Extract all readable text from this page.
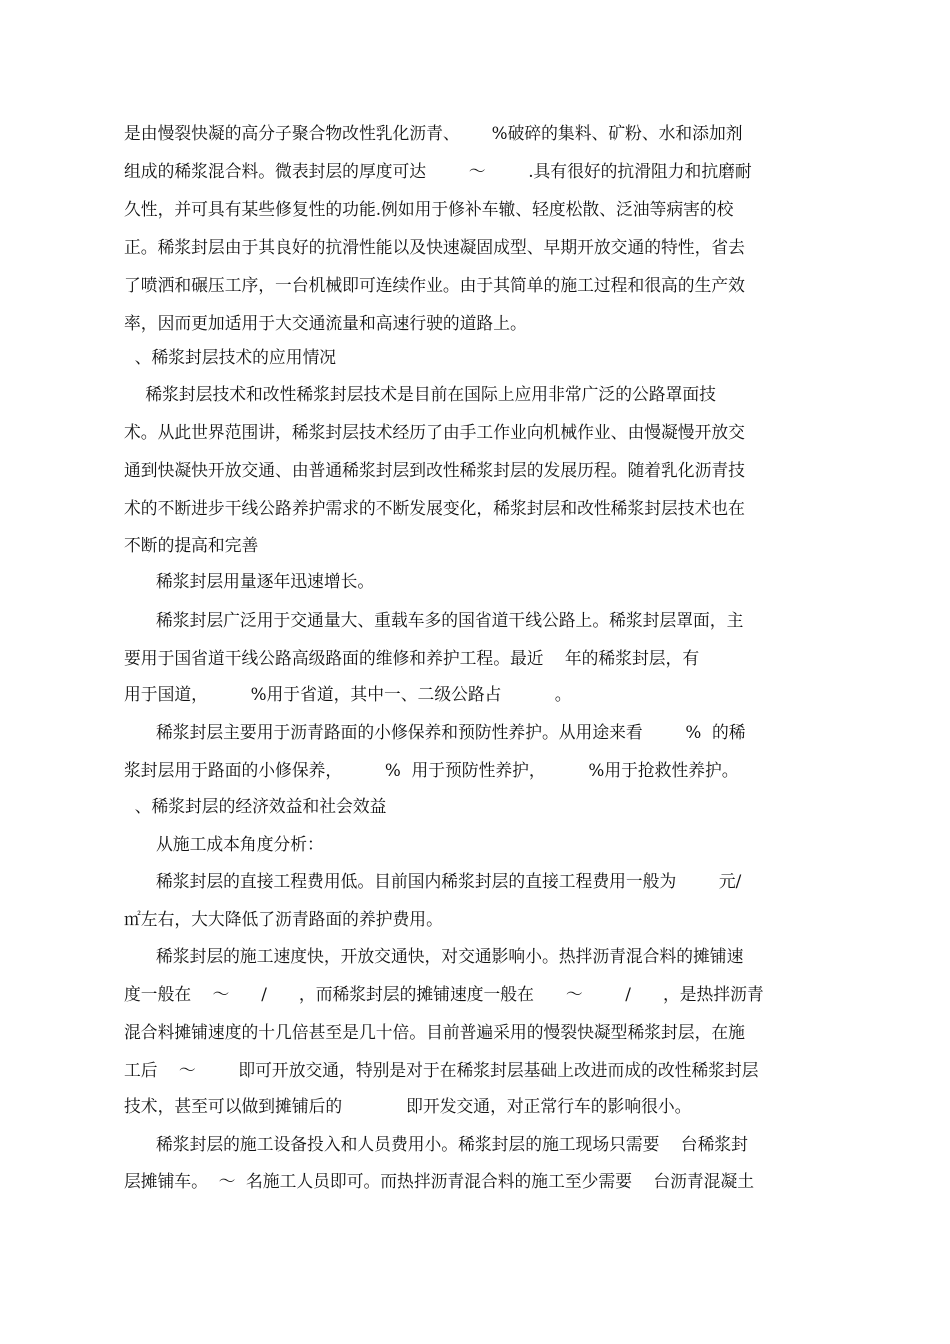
是由慢裂快凝的高分子聚合物改性乳化沥青、      %破碎的集料、矿粉、水和添加剂
组成的稀浆混合料。微表封层的厚度可达        ～        .具有很好的抗滑阻力和抗磨耐
久性，并可具有某些修复性的功能.例如用于修补车辙、轻度松散、泛油等病害的校
正。稀浆封层由于其良好的抗滑性能以及快速凝固成型、早期开放交通的特性，省去
了喷洒和碾压工序，一台机械即可连续作业。由于其简单的施工过程和很高的生产效
率，因而更加适用于大交通流量和高速行驶的道路上。
、稀浆封层技术的应用情况
稀浆封层技术和改性稀浆封层技术是目前在国际上应用非常广泛的公路罩面技
术。从此世界范围讲，稀浆封层技术经历了由手工作业向机械作业、由慢凝慢开放交
通到快凝快开放交通、由普通稀浆封层到改性稀浆封层的发展历程。随着乳化沥青技
术的不断进步干线公路养护需求的不断发展变化，稀浆封层和改性稀浆封层技术也在
不断的提高和完善
稀浆封层用量逐年迅速增长。
稀浆封层广泛用于交通量大、重载车多的国省道干线公路上。稀浆封层罩面，主
要用于国省道干线公路高级路面的维修和养护工程。最近    年的稀浆封层，有
用于国道，        %用于省道，其中一、二级公路占          。
稀浆封层主要用于沥青路面的小修保养和预防性养护。从用途来看        %  的稀
浆封层用于路面的小修保养，        %  用于预防性养护，        %用于抢救性养护。
、稀浆封层的经济效益和社会效益
从施工成本角度分析：
稀浆封层的直接工程费用低。目前国内稀浆封层的直接工程费用一般为        元/
㎡左右，大大降低了沥青路面的养护费用。
稀浆封层的施工速度快，开放交通快，对交通影响小。热拌沥青混合料的摊铺速
度一般在    ～      /      ，而稀浆封层的摊铺速度一般在      ～        /      ，是热拌沥青
混合料摊铺速度的十几倍甚至是几十倍。目前普遍采用的慢裂快凝型稀浆封层，在施
工后    ～        即可开放交通，特别是对于在稀浆封层基础上改进而成的改性稀浆封层
技术，甚至可以做到摊铺后的            即开发交通，对正常行车的影响很小。
稀浆封层的施工设备投入和人员费用小。稀浆封层的施工现场只需要    台稀浆封
层摊铺车。  ～  名施工人员即可。而热拌沥青混合料的施工至少需要    台沥青混凝土
